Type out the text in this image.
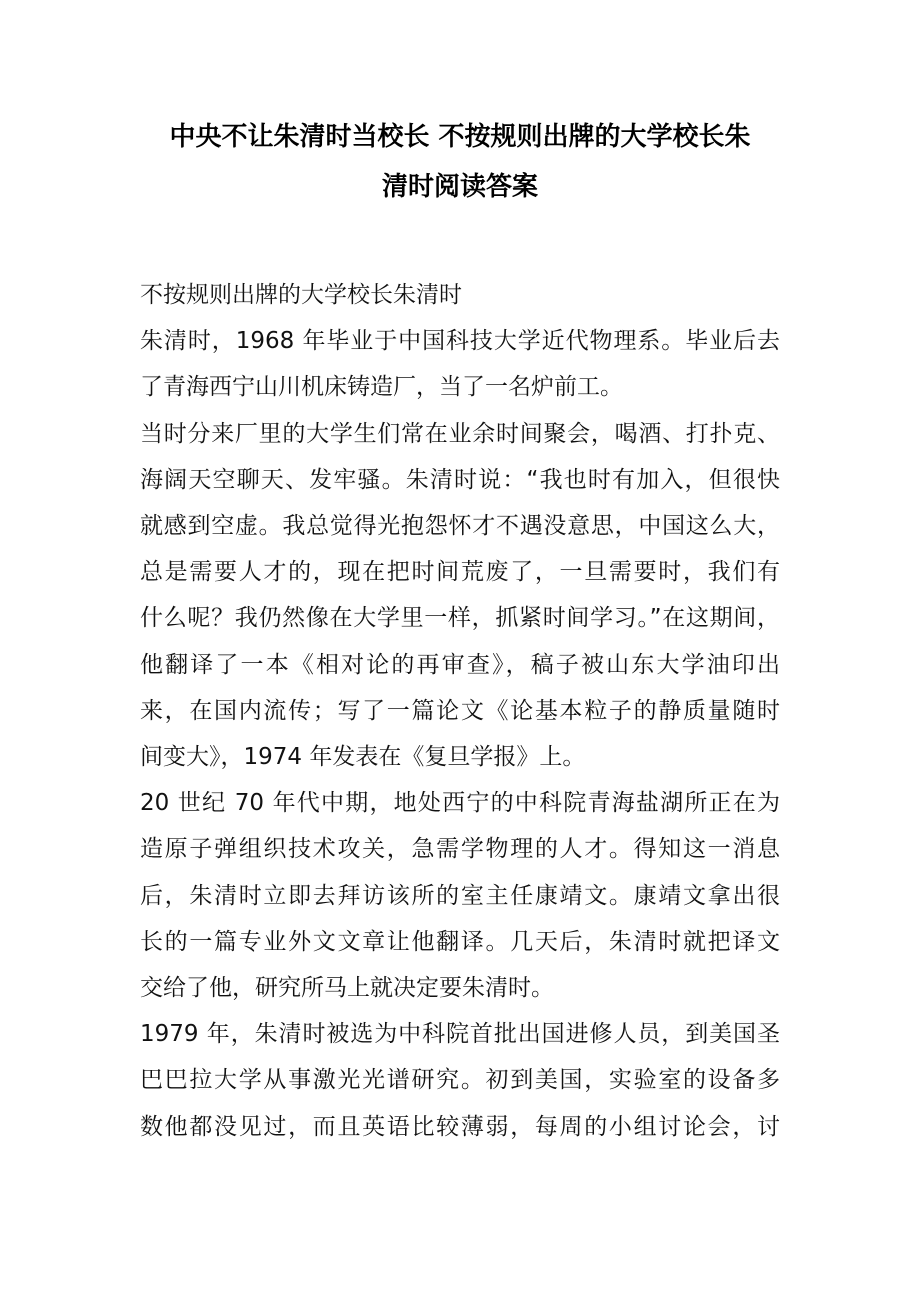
中央不让朱清时当校长 不按规则出牌的大学校长朱
清时阅读答案

不按规则出牌的大学校长朱清时

朱清时，1968 年毕业于中国科技大学近代物理系。毕业后去
了青海西宁山川机床铸造厂，当了一名炉前工。

当时分来厂里的大学生们常在业余时间聚会，喝酒、打扑克、
海阔天空聊天、发牢骚。朱清时说：“我也时有加入，但很快
就感到空虚。我总觉得光抱怨怀才不遇没意思，中国这么大，
总是需要人才的，现在把时间荒废了，一旦需要时，我们有
什么呢？我仍然像在大学里一样，抓紧时间学习。”在这期间，
他翻译了一本《相对论的再审查》，稿子被山东大学油印出
来，在国内流传；写了一篇论文《论基本粒子的静质量随时
间变大》，1974 年发表在《复旦学报》上。

20 世纪 70 年代中期，地处西宁的中科院青海盐湖所正在为
造原子弹组织技术攻关，急需学物理的人才。得知这一消息
后，朱清时立即去拜访该所的室主任康靖文。康靖文拿出很
长的一篇专业外文文章让他翻译。几天后，朱清时就把译文
交给了他，研究所马上就决定要朱清时。

1979 年，朱清时被选为中科院首批出国进修人员，到美国圣
巴巴拉大学从事激光光谱研究。初到美国，实验室的设备多
数他都没见过，而且英语比较薄弱，每周的小组讨论会，讨
